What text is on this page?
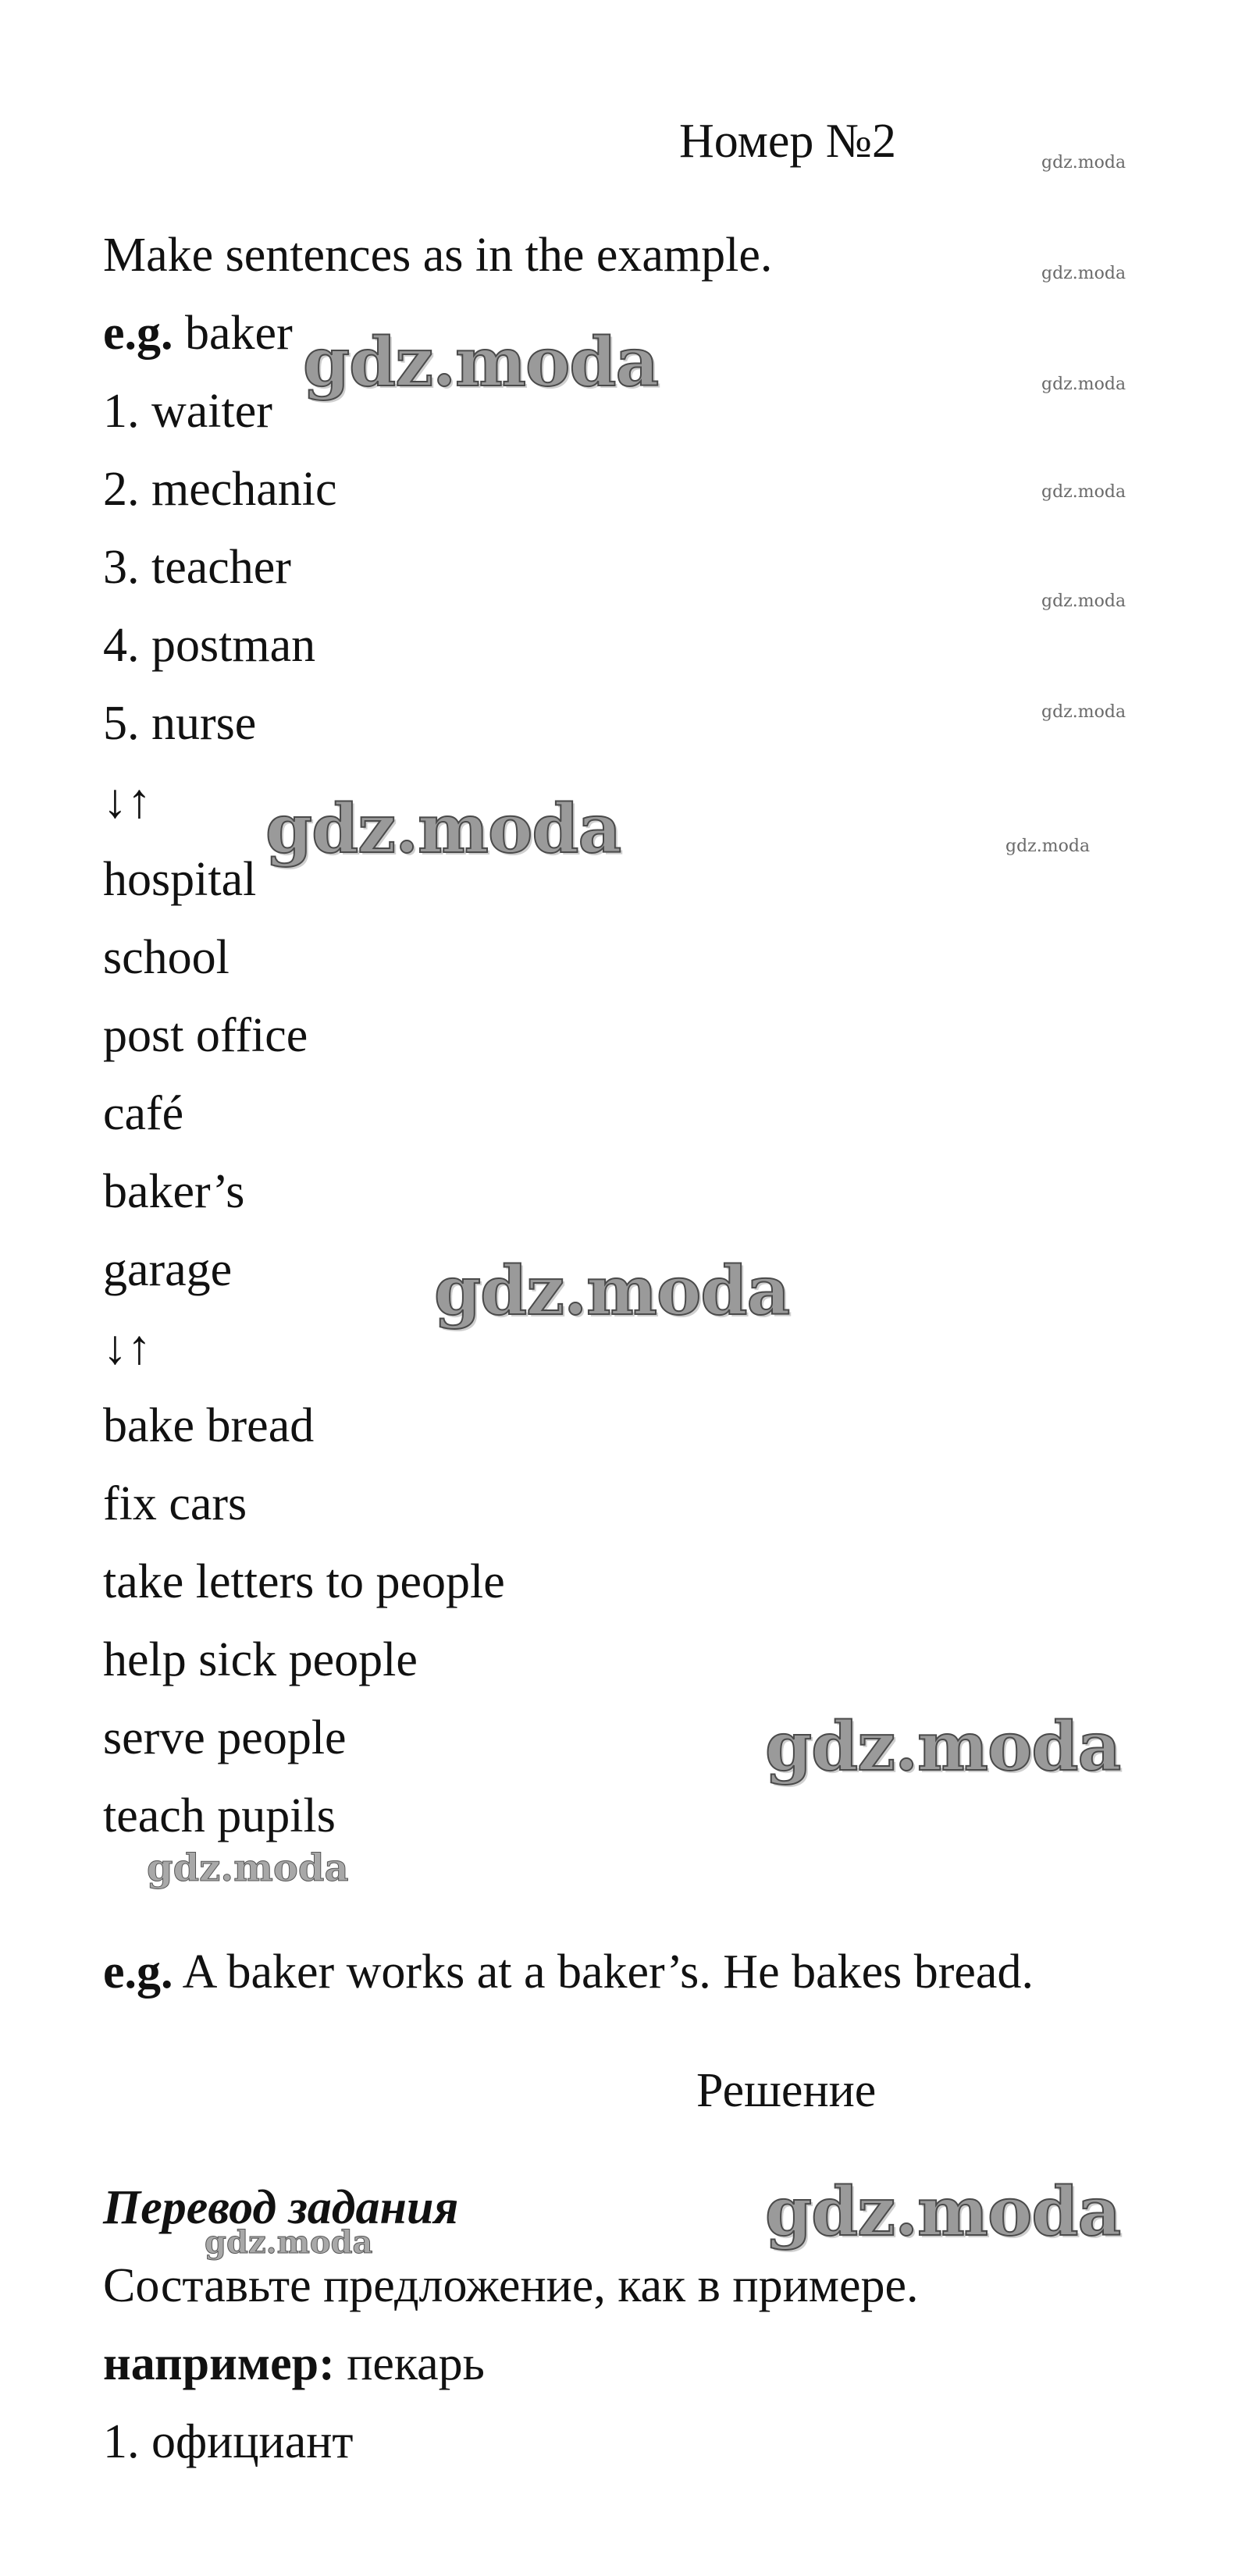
Номер №2
Make sentences as in the example.
e.g. baker
1. waiter
2. mechanic
3. teacher
4. postman
5. nurse
↓↑
hospital
school
post office
café
baker’s
garage
↓↑
bake bread
fix cars
take letters to people
help sick people
serve people
teach pupils
e.g. A baker works at a baker’s. He bakes bread.
Решение
Перевод задания
Составьте предложение, как в примере.
например: пекарь
1. официант
gdz.moda
gdz.moda
gdz.moda
gdz.moda
gdz.moda
gdz.moda
gdz.moda
gdz.moda
gdz.moda
gdz.moda
gdz.moda
gdz.moda
gdz.moda
gdz.moda
